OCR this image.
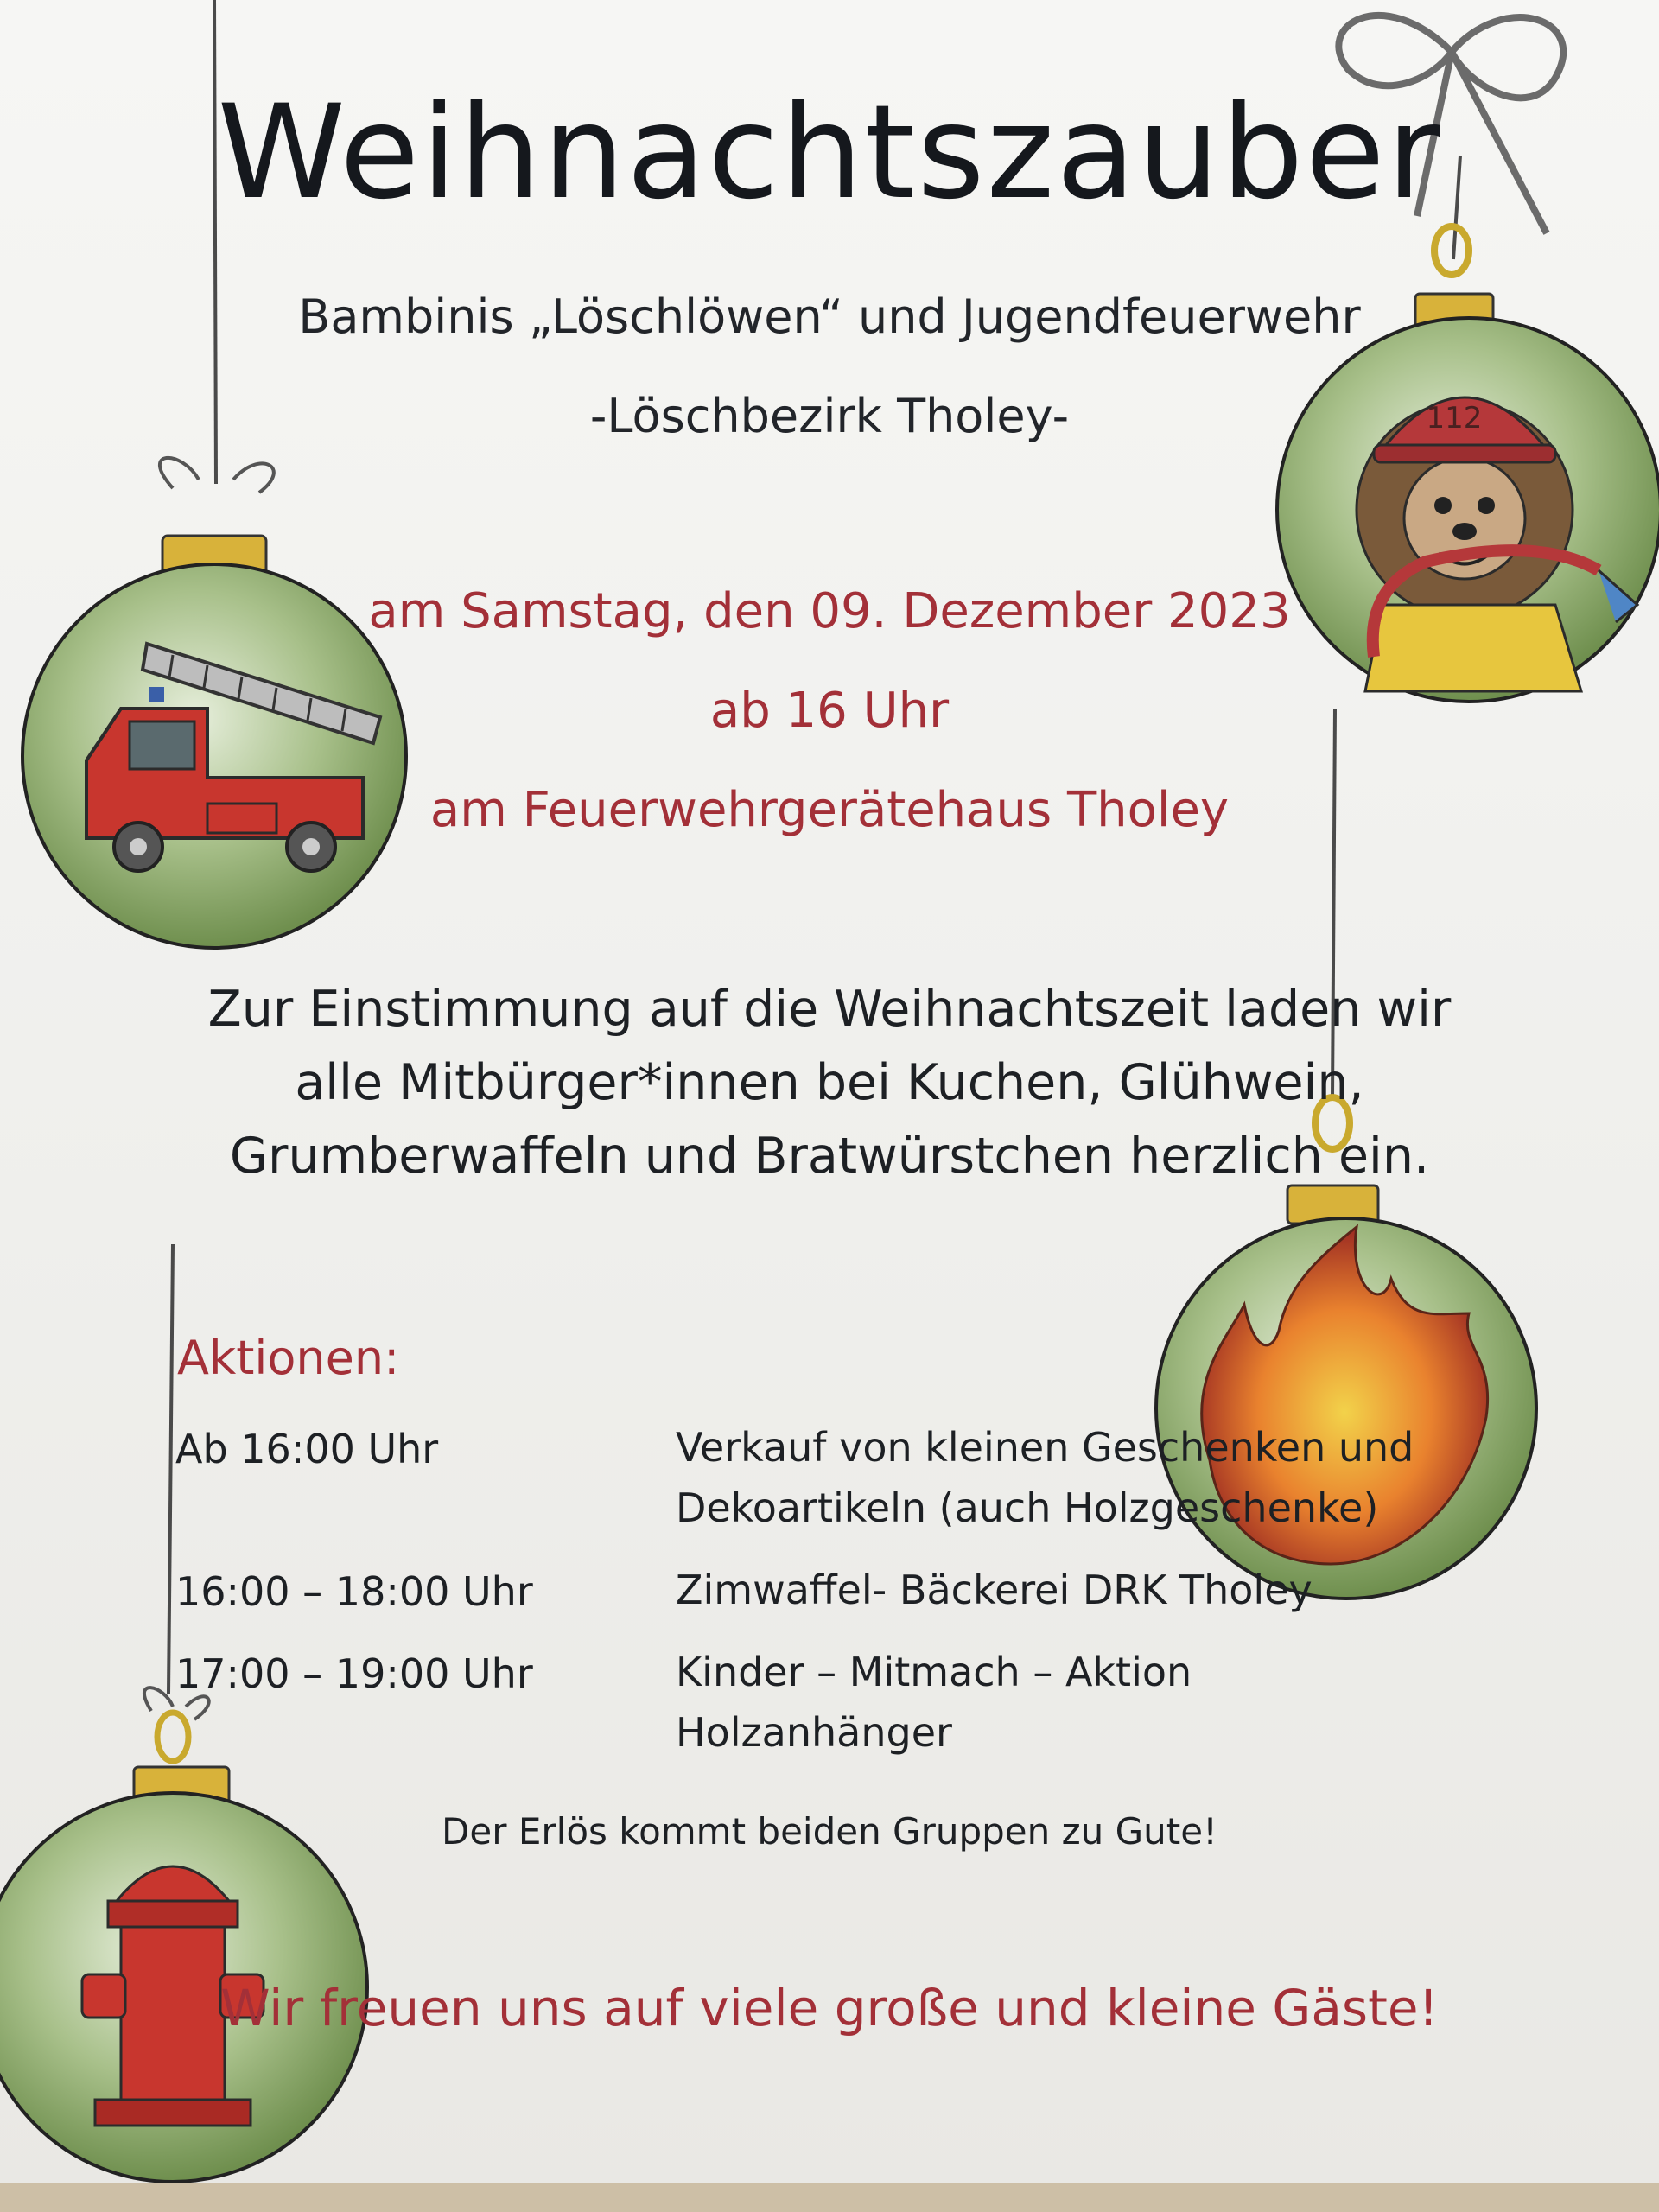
112
Weihnachtszauber

Bambinis „Löschlöwen“ und Jugendfeuerwehr

-Löschbezirk Tholey-

am Samstag, den 09. Dezember 2023

ab 16 Uhr

am Feuerwehrgerätehaus Tholey

Zur Einstimmung auf die Weihnachtszeit laden wir

alle Mitbürger*innen bei Kuchen, Glühwein,

Grumberwaffeln und Bratwürstchen herzlich ein.

Aktionen:

Ab 16:00 Uhr	Verkauf von kleinen Geschenken und
Dekoartikeln (auch Holzgeschenke)
16:00 – 18:00 Uhr	Zimwaffel- Bäckerei DRK Tholey
17:00 – 19:00 Uhr	Kinder – Mitmach – Aktion Holzanhänger

Der Erlös kommt beiden Gruppen zu Gute!

Wir freuen uns auf viele große und kleine Gäste!
